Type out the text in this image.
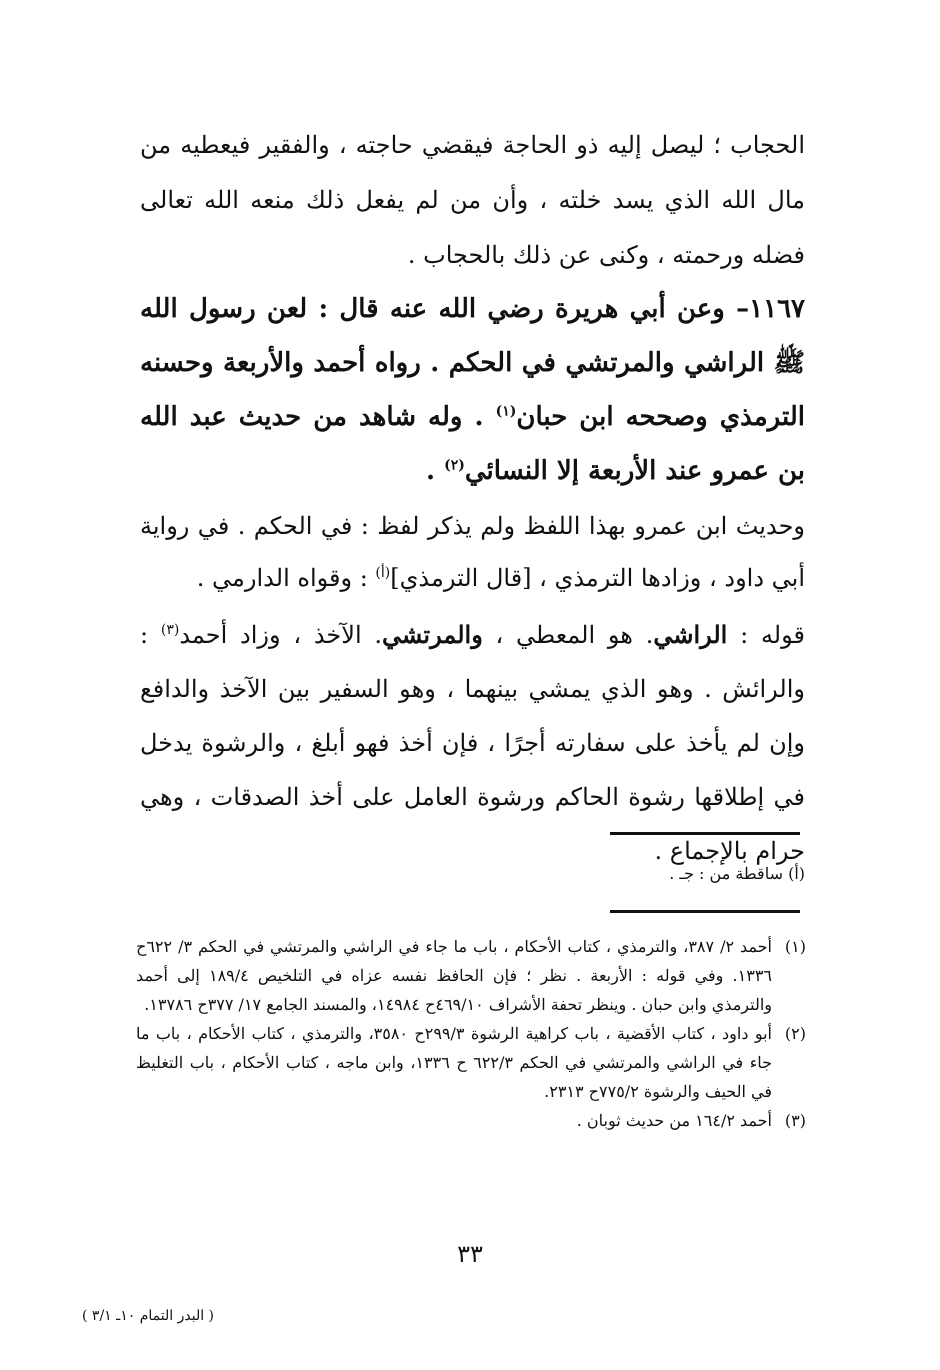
الحجاب ؛ ليصل إليه ذو الحاجة فيقضي حاجته ، والفقير فيعطيه من مال الله الذي يسد خلته ، وأن من لم يفعل ذلك منعه الله تعالى فضله ورحمته ، وكنى عن ذلك بالحجاب .
١١٦٧– وعن أبي هريرة رضي الله عنه قال : لعن رسول الله ﷺ الراشي والمرتشي في الحكم . رواه أحمد والأربعة وحسنه الترمذي وصححه ابن حبان$^{(١)}$ . وله شاهد من حديث عبد الله بن عمرو عند الأربعة إلا النسائي$^{(٢)}$ .
وحديث ابن عمرو بهذا اللفظ ولم يذكر لفظ : في الحكم . في رواية أبي داود ، وزادها الترمذي ، [قال الترمذي]$^{(أ)}$ : وقواه الدارمي .
قوله : الراشي. هو المعطي ، والمرتشي. الآخذ ، وزاد أحمد$^{(٣)}$ : والرائش . وهو الذي يمشي بينهما ، وهو السفير بين الآخذ والدافع وإن لم يأخذ على سفارته أجرًا ، فإن أخذ فهو أبلغ ، والرشوة يدخل في إطلاقها رشوة الحاكم ورشوة العامل على أخذ الصدقات ، وهي حرام بالإجماع .
(أ) ساقطة من : جـ .
(١)
أحمد ٢/ ٣٨٧، والترمذي ، كتاب الأحكام ، باب ما جاء في الراشي والمرتشي في الحكم ٣/ ٦٢٢ح ١٣٣٦. وفي قوله : الأربعة . نظر ؛ فإن الحافظ نفسه عزاه في التلخيص ١٨٩/٤ إلى أحمد والترمذي وابن حبان . وينظر تحفة الأشراف ٤٦٩/١٠ح ١٤٩٨٤، والمسند الجامع ١٧/ ٣٧٧ح ١٣٧٨٦.
(٢)
أبو داود ، كتاب الأقضية ، باب كراهية الرشوة ٢٩٩/٣ح ٣٥٨٠، والترمذي ، كتاب الأحكام ، باب ما جاء في الراشي والمرتشي في الحكم ٦٢٢/٣ ح ١٣٣٦، وابن ماجه ، كتاب الأحكام ، باب التغليظ في الحيف والرشوة ٧٧٥/٢ح ٢٣١٣.
(٣)
أحمد ١٦٤/٢ من حديث ثوبان .
٣٣
( البدر التمام ١٠ـ ٣/١ )
